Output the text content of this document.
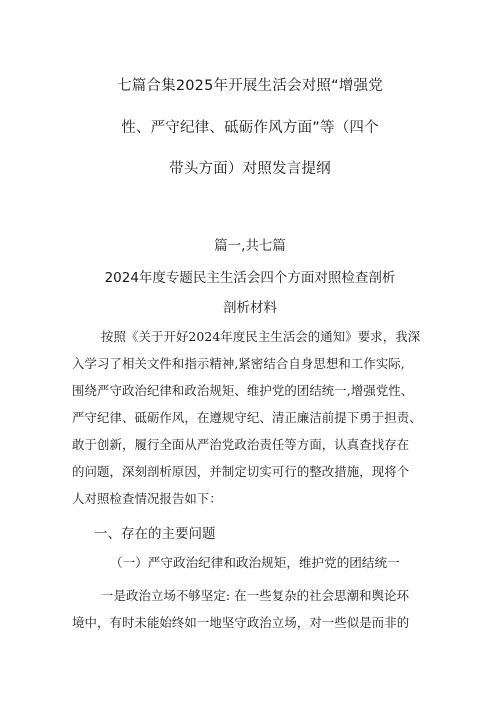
七篇合集2025年开展生活会对照“增强党
性、严守纪律、砥砺作风方面”等（四个
带头方面）对照发言提纲
篇一,共七篇
2024年度专题民主生活会四个方面对照检查剖析
剖析材料
按照《关于开好2024年度民主生活会的通知》要求，我深
入学习了相关文件和指示精神,紧密结合自身思想和工作实际,
围绕严守政治纪律和政治规矩、维护党的团结统一,增强党性、
严守纪律、砥砺作风，在遵规守纪、清正廉洁前提下勇于担责、
敢于创新，履行全面从严治党政治责任等方面，认真查找存在
的问题，深刻剖析原因，并制定切实可行的整改措施，现将个
人对照检查情况报告如下：
一、存在的主要问题
（一）严守政治纪律和政治规矩，维护党的团结统一
一是政治立场不够坚定: 在一些复杂的社会思潮和舆论环
境中，有时未能始终如一地坚守政治立场，对一些似是而非的
